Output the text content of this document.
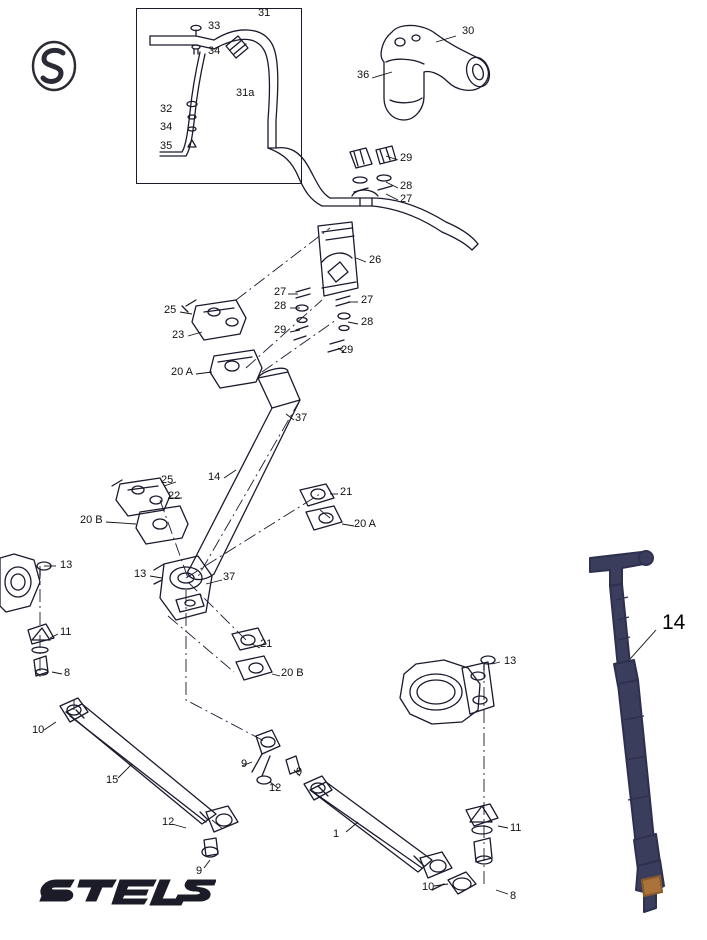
31
33
34
31a
32
34
35
30
36
29
28
27
26
27
27
28
28
29
29
25
23
20 A
37
14
25
22	21
20 B	20 A
13
13	37
11
21
13
8	20 B
10
9
15
12
9
11
12
1
9
10
8
14
